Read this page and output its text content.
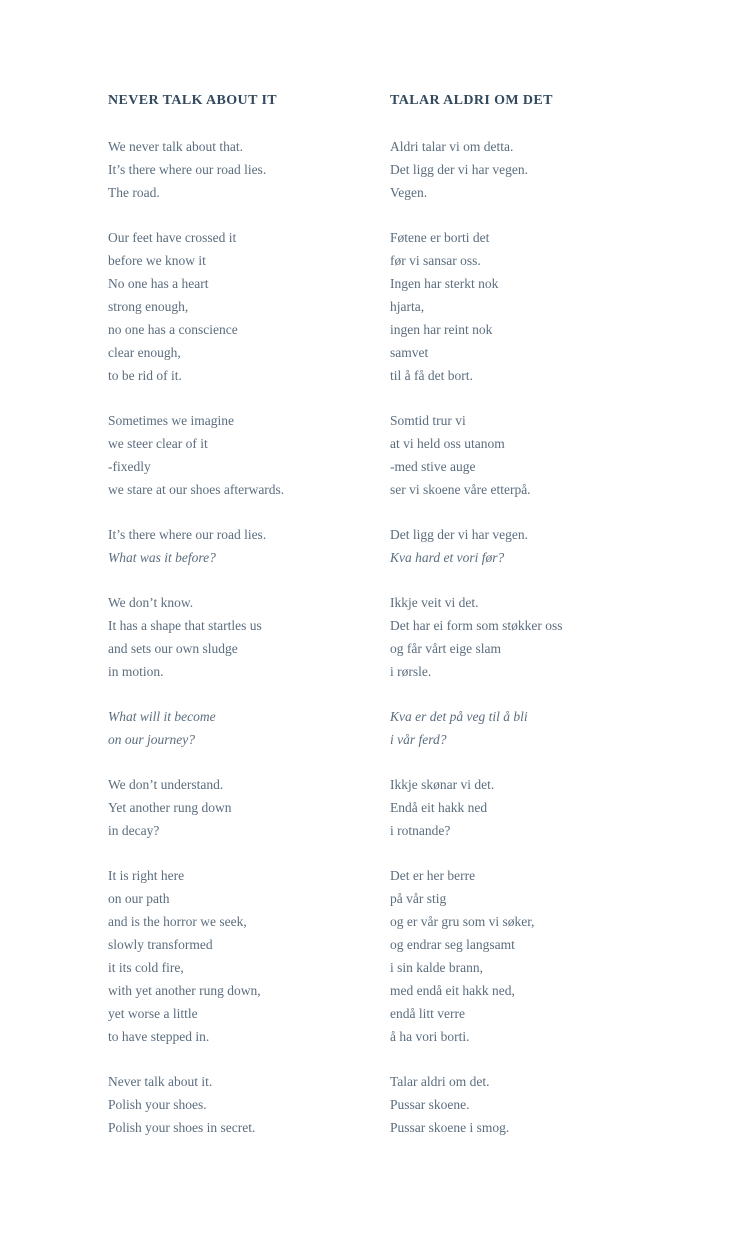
NEVER TALK ABOUT IT

We never talk about that.

It’s there where our road lies.

The road.

Our feet have crossed it

before we know it

No one has a heart

strong enough,

no one has a conscience

clear enough,

to be rid of it.

Sometimes we imagine

we steer clear of it

-fixedly

we stare at our shoes afterwards.

It’s there where our road lies.

What was it before?

We don’t know.

It has a shape that startles us

and sets our own sludge

in motion.

What will it become

on our journey?

We don’t understand.

Yet another rung down

in decay?

It is right here

on our path

and is the horror we seek,

slowly transformed

it its cold fire,

with yet another rung down,

yet worse a little

to have stepped in.

Never talk about it.

Polish your shoes.

Polish your shoes in secret.

TALAR ALDRI OM DET

Aldri talar vi om detta.

Det ligg der vi har vegen.

Vegen.

Føtene er borti det

før vi sansar oss.

Ingen har sterkt nok

hjarta,

ingen har reint nok

samvet

til å få det bort.

Somtid trur vi

at vi held oss utanom

-med stive auge

ser vi skoene våre etterpå.

Det ligg der vi har vegen.

Kva hard et vori før?

Ikkje veit vi det.

Det har ei form som støkker oss

og får vårt eige slam

i rørsle.

Kva er det på veg til å bli

i vår ferd?

Ikkje skønar vi det.

Endå eit hakk ned

i rotnande?

Det er her berre

på vår stig

og er vår gru som vi søker,

og endrar seg langsamt

i sin kalde brann,

med endå eit hakk ned,

endå litt verre

å ha vori borti.

Talar aldri om det.

Pussar skoene.

Pussar skoene i smog.
